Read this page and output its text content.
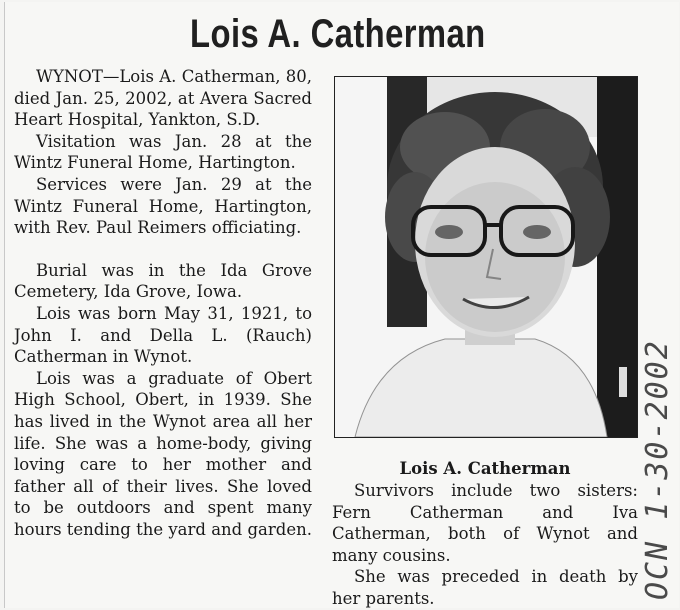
Lois A. Catherman

WYNOT—Lois A. Catherman, 80, died Jan. 25, 2002, at Avera Sacred Heart Hospital, Yankton, S.D.

Visitation was Jan. 28 at the Wintz Funeral Home, Hartington.

Services were Jan. 29 at the Wintz Funeral Home, Hartington, with Rev. Paul Reimers officiating.

Burial was in the Ida Grove Cemetery, Ida Grove, Iowa.

Lois was born May 31, 1921, to John I. and Della L. (Rauch) Catherman in Wynot.

Lois was a graduate of Obert High School, Obert, in 1939. She has lived in the Wynot area all her life. She was a home-body, giving loving care to her mother and father all of their lives. She loved to be outdoors and spent many hours tending the yard and garden.

Lois A. Catherman

Survivors include two sisters: Fern Catherman and Iva Catherman, both of Wynot and many cousins.

She was preceded in death by her parents.	OCN 1-30-2002
